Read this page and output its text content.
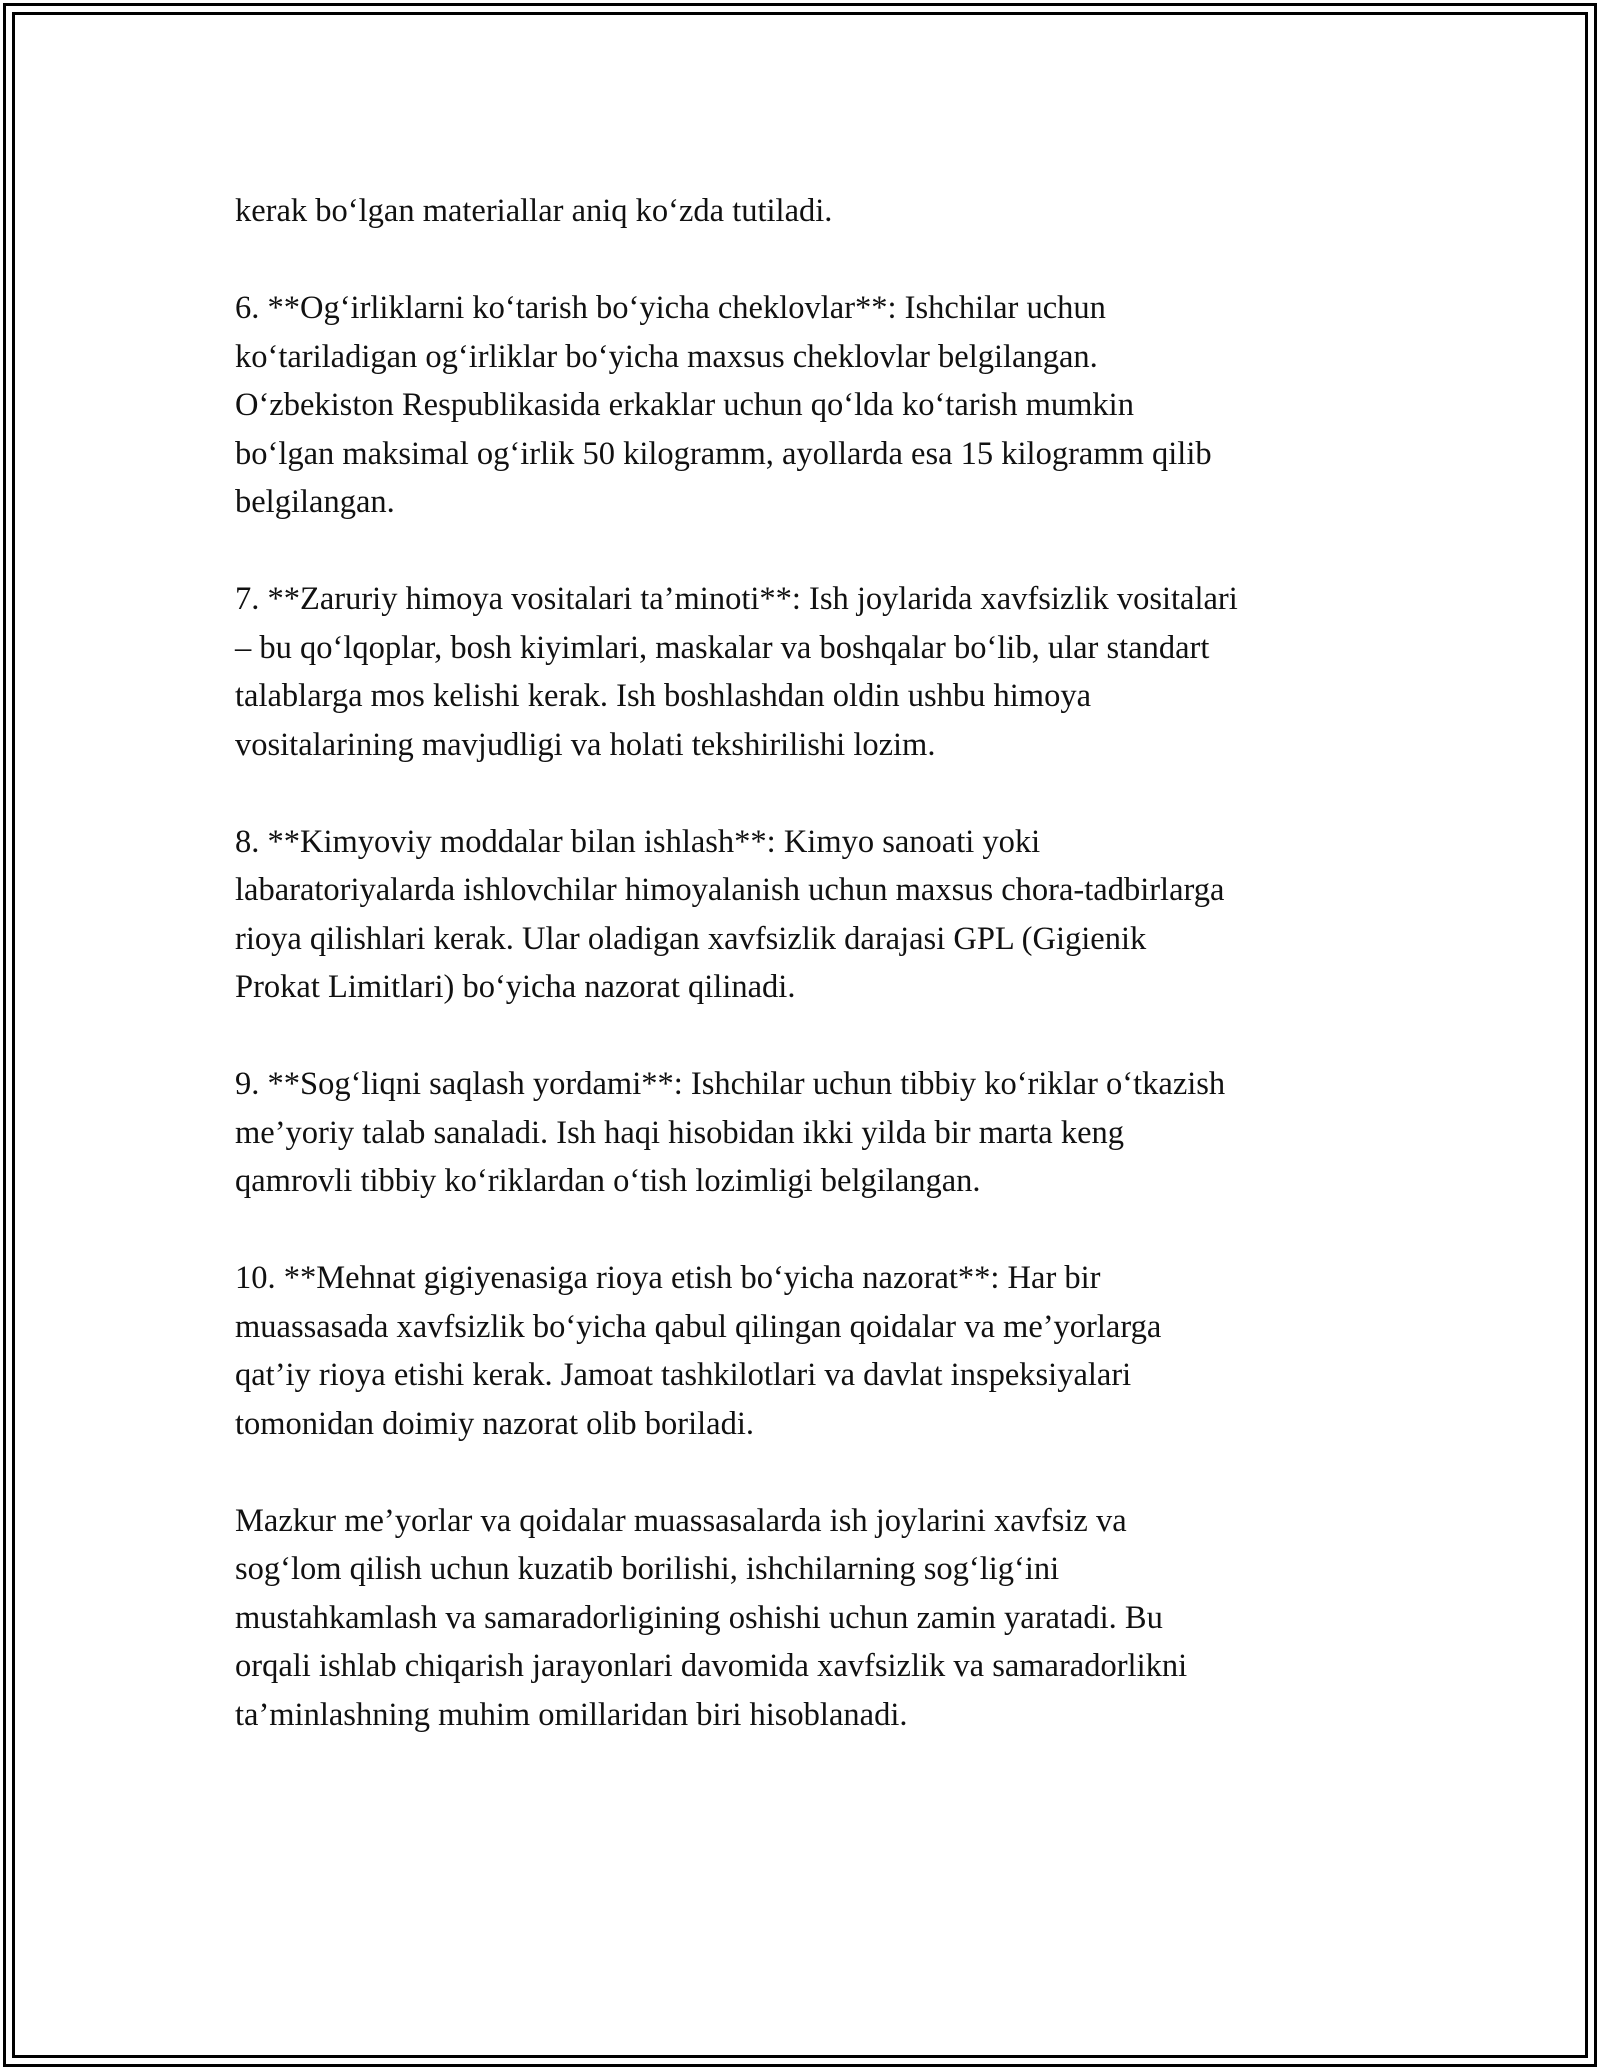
kerak bo‘lgan materiallar aniq ko‘zda tutiladi.
6. **Og‘irliklarni ko‘tarish bo‘yicha cheklovlar**: Ishchilar uchun
ko‘tariladigan og‘irliklar bo‘yicha maxsus cheklovlar belgilangan.
O‘zbekiston Respublikasida erkaklar uchun qo‘lda ko‘tarish mumkin
bo‘lgan maksimal og‘irlik 50 kilogramm, ayollarda esa 15 kilogramm qilib
belgilangan.
7. **Zaruriy himoya vositalari ta’minoti**: Ish joylarida xavfsizlik vositalari
– bu qo‘lqoplar, bosh kiyimlari, maskalar va boshqalar bo‘lib, ular standart
talablarga mos kelishi kerak. Ish boshlashdan oldin ushbu himoya
vositalarining mavjudligi va holati tekshirilishi lozim.
8. **Kimyoviy moddalar bilan ishlash**: Kimyo sanoati yoki
labaratoriyalarda ishlovchilar himoyalanish uchun maxsus chora-tadbirlarga
rioya qilishlari kerak. Ular oladigan xavfsizlik darajasi GPL (Gigienik
Prokat Limitlari) bo‘yicha nazorat qilinadi.
9. **Sog‘liqni saqlash yordami**: Ishchilar uchun tibbiy ko‘riklar o‘tkazish
me’yoriy talab sanaladi. Ish haqi hisobidan ikki yilda bir marta keng
qamrovli tibbiy ko‘riklardan o‘tish lozimligi belgilangan.
10. **Mehnat gigiyenasiga rioya etish bo‘yicha nazorat**: Har bir
muassasada xavfsizlik bo‘yicha qabul qilingan qoidalar va me’yorlarga
qat’iy rioya etishi kerak. Jamoat tashkilotlari va davlat inspeksiyalari
tomonidan doimiy nazorat olib boriladi.
Mazkur me’yorlar va qoidalar muassasalarda ish joylarini xavfsiz va
sog‘lom qilish uchun kuzatib borilishi, ishchilarning sog‘lig‘ini
mustahkamlash va samaradorligining oshishi uchun zamin yaratadi. Bu
orqali ishlab chiqarish jarayonlari davomida xavfsizlik va samaradorlikni
ta’minlashning muhim omillaridan biri hisoblanadi.
